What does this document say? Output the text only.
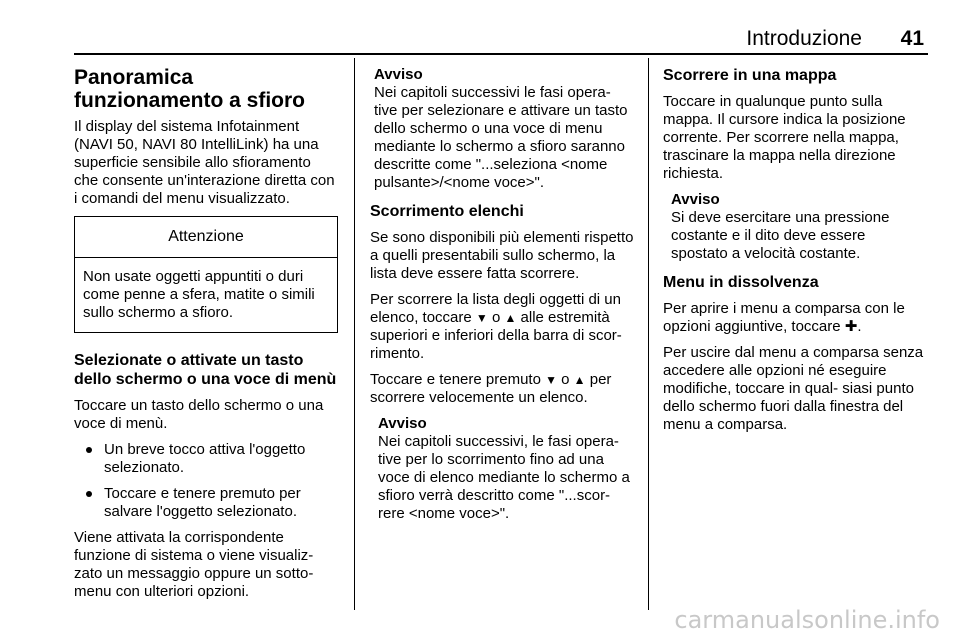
Introduzione 41
Panoramica funzionamento a sfioro

Il display del sistema Infotainment (NAVI 50, NAVI 80 IntelliLink) ha una superficie sensibile allo sfioramento che consente un'interazione diretta con i comandi del menu visualizzato.

Attenzione
Non usate oggetti appuntiti o duri come penne a sfera, matite o simili sullo schermo a sfioro.
Selezionate o attivate un tasto dello schermo o una voce di menù

Toccare un tasto dello schermo o una voce di menù.

Un breve tocco attiva l'oggetto selezionato.
Toccare e tenere premuto per salvare l'oggetto selezionato.

Viene attivata la corrispondente funzione di sistema o viene visualiz‐ zato un messaggio oppure un sotto‐ menu con ulteriori opzioni.

Avviso
Nei capitoli successivi le fasi opera‐ tive per selezionare e attivare un tasto dello schermo o una voce di menu mediante lo schermo a sfioro saranno descritte come "...seleziona <nome pulsante>/<nome voce>".
Scorrimento elenchi

Se sono disponibili più elementi rispetto a quelli presentabili sullo schermo, la lista deve essere fatta scorrere.

Per scorrere la lista degli oggetti di un elenco, toccare ▼ o ▲ alle estremità superiori e inferiori della barra di scor‐ rimento.

Toccare e tenere premuto ▼ o ▲ per scorrere velocemente un elenco.

Avviso
Nei capitoli successivi, le fasi opera‐ tive per lo scorrimento fino ad una voce di elenco mediante lo schermo a sfioro verrà descritto come "...scor‐ rere <nome voce>".
Scorrere in una mappa

Toccare in qualunque punto sulla mappa. Il cursore indica la posizione corrente. Per scorrere nella mappa, trascinare la mappa nella direzione richiesta.

Avviso
Si deve esercitare una pressione costante e il dito deve essere spostato a velocità costante.
Menu in dissolvenza

Per aprire i menu a comparsa con le opzioni aggiuntive, toccare ✚.

Per uscire dal menu a comparsa senza accedere alle opzioni né eseguire modifiche, toccare in qual‐ siasi punto dello schermo fuori dalla finestra del menu a comparsa.

carmanualsonline.info
